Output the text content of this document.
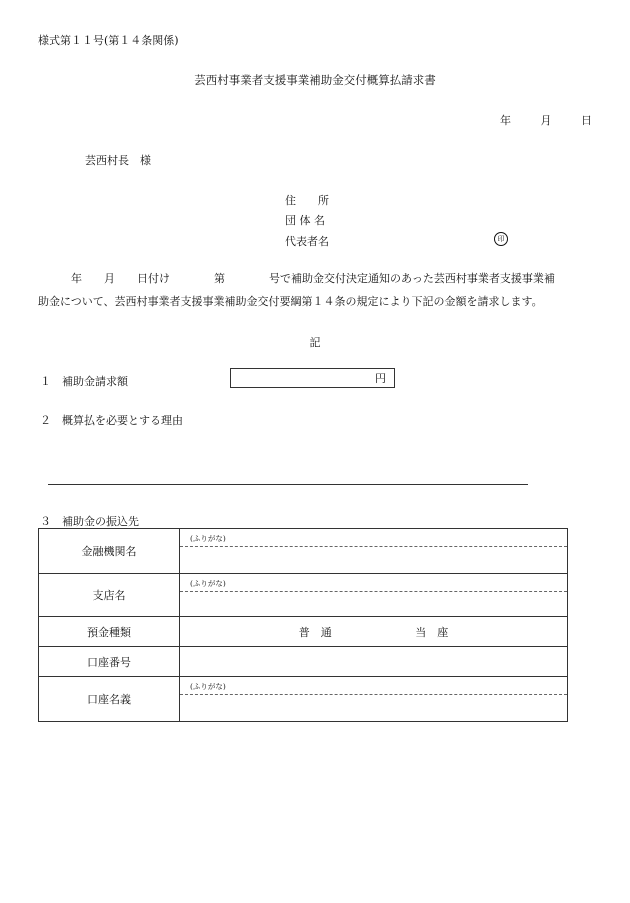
様式第１１号(第１４条関係)
芸西村事業者支援事業補助金交付概算払請求書
年	月	日
芸西村長　様
住　　所
団 体 名
代表者名	印
　　　年　　月　　日付け　　　　第　　　　号で補助金交付決定通知のあった芸西村事業者支援事業補
助金について、芸西村事業者支援事業補助金交付要綱第１４条の規定により下記の金額を請求します。
記
１　補助金請求額	円
２　概算払を必要とする理由
３　補助金の振込先
金融機関名	(ふりがな)

支店名	(ふりがな)

預金種類	普　通 当　座
口座番号	
口座名義	(ふりがな)
